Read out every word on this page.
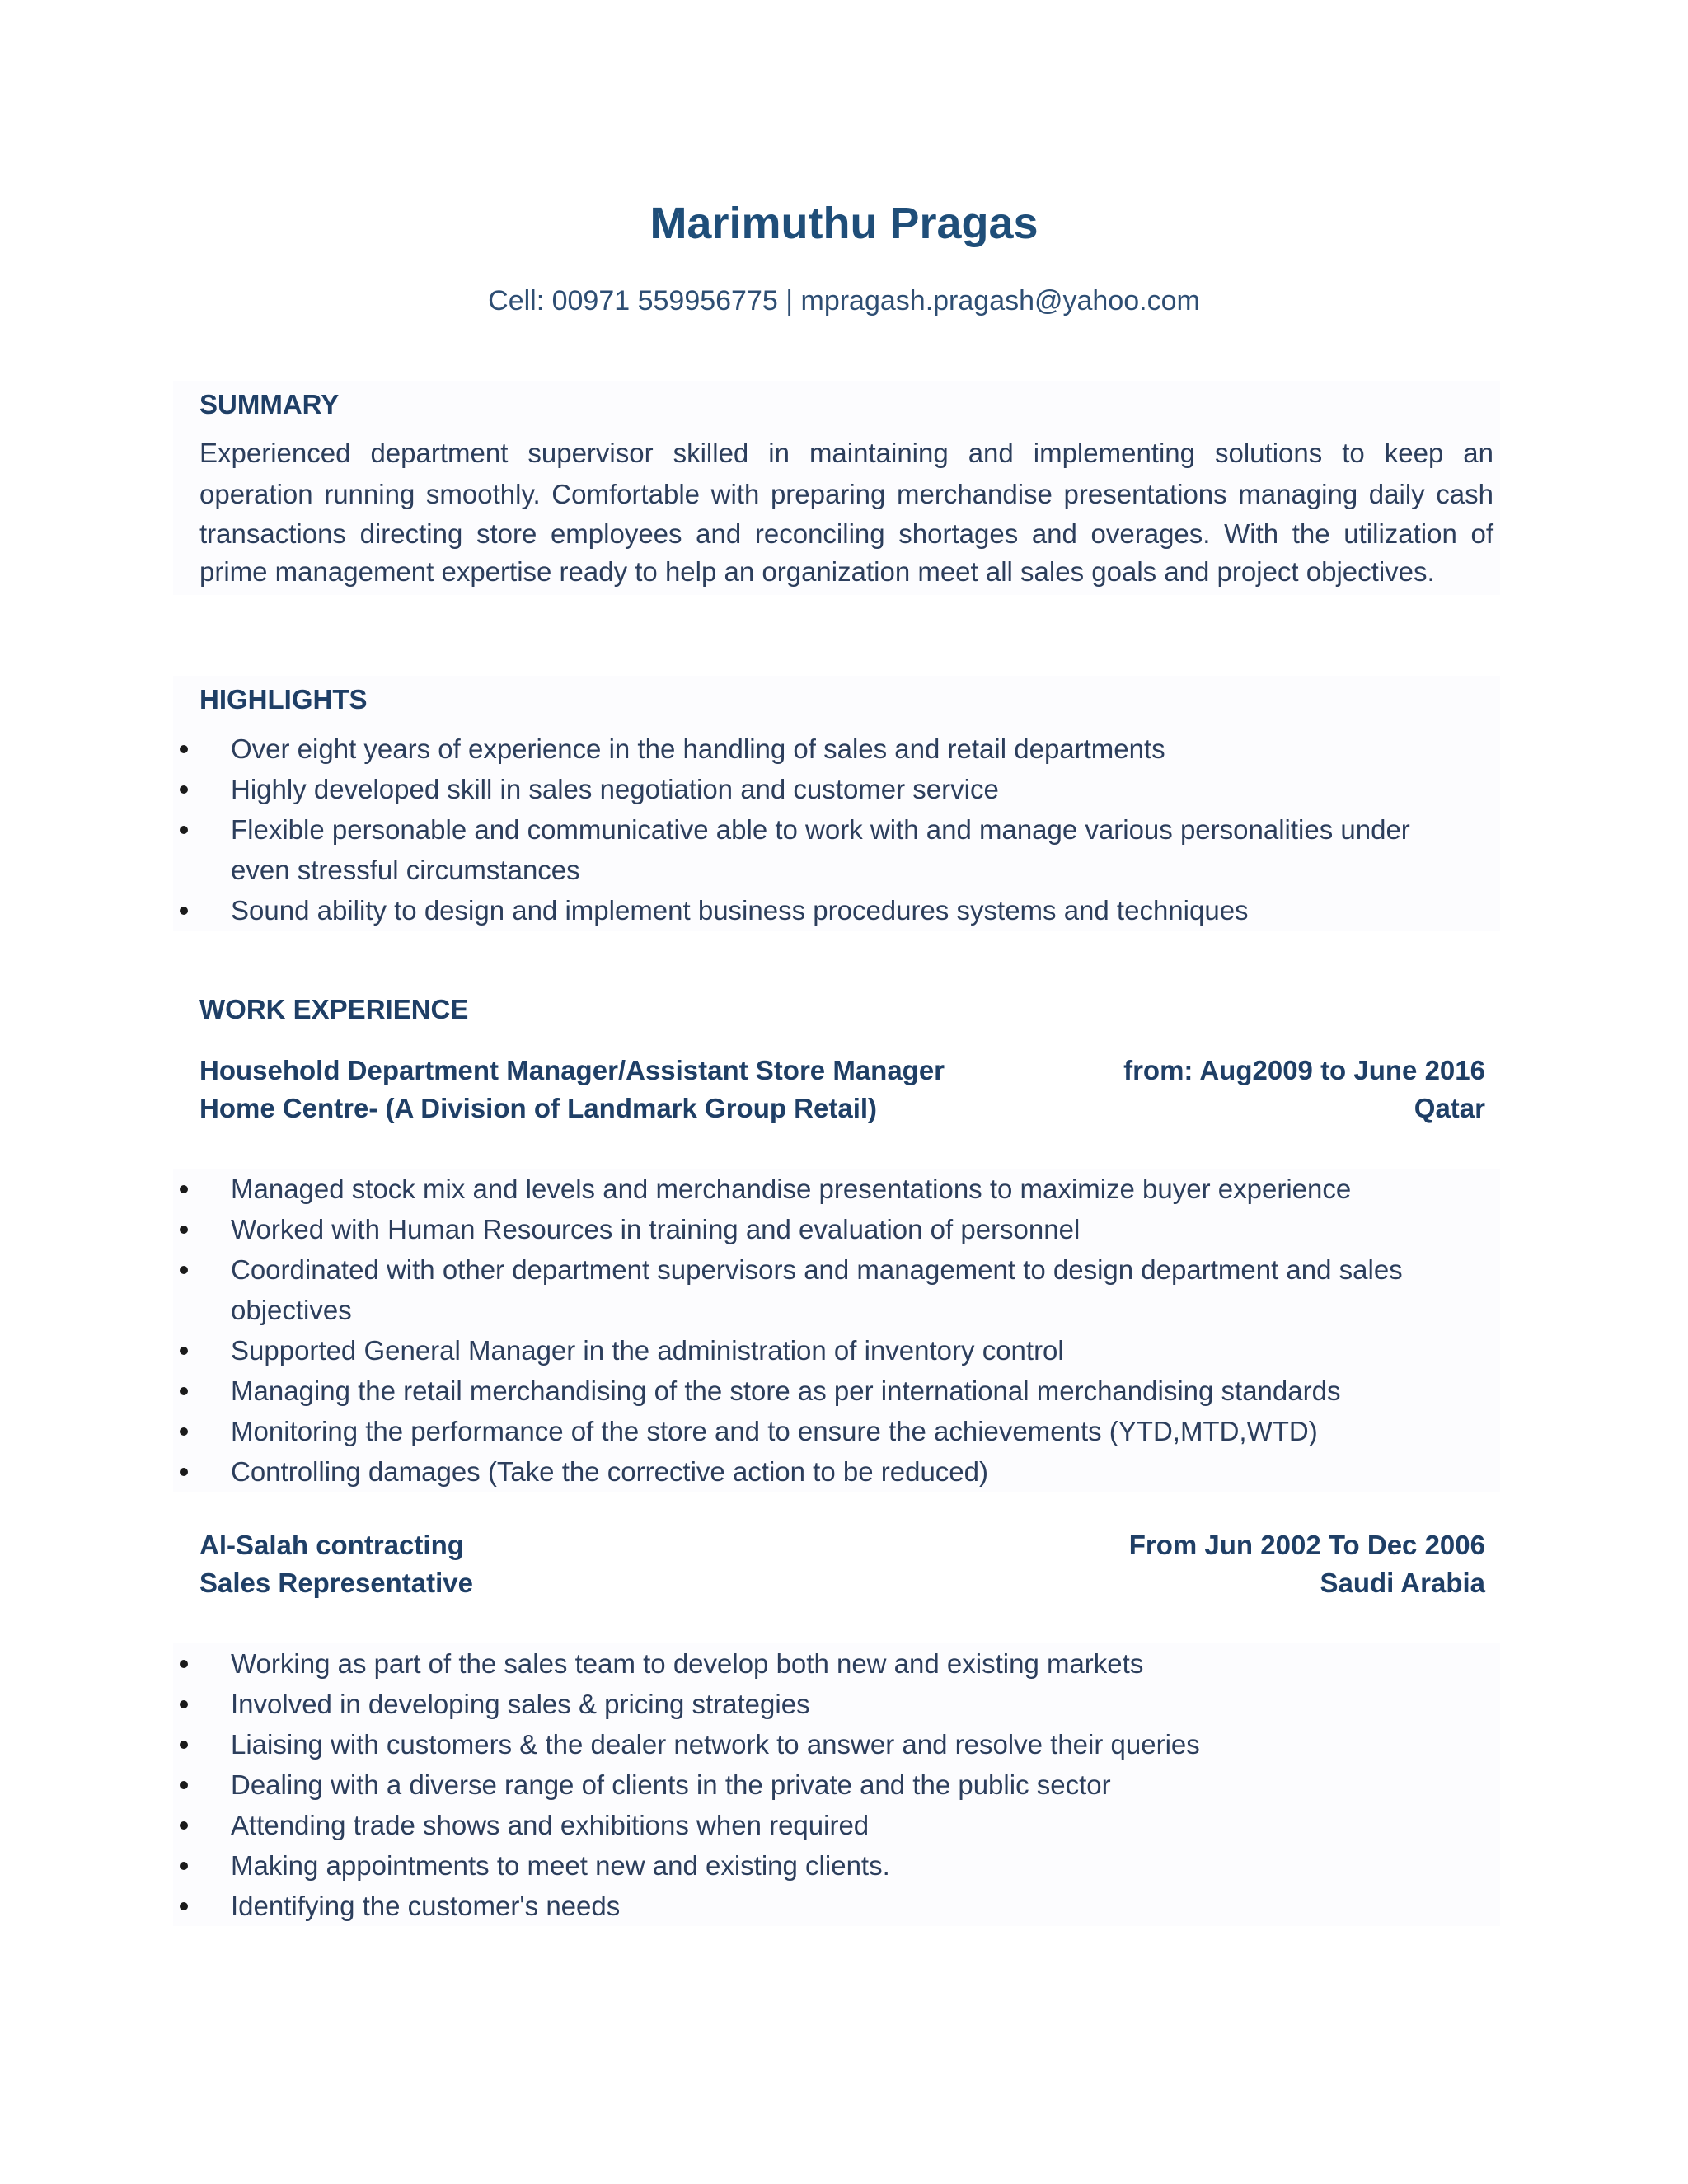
Marimuthu Pragas
Cell: 00971 559956775 | mpragash.pragash@yahoo.com
SUMMARY
Experienced department supervisor skilled in maintaining and implementing solutions to keep an
operation running smoothly. Comfortable with preparing merchandise presentations managing daily cash
transactions directing store employees and reconciling shortages and overages. With the utilization of
prime management expertise ready to help an organization meet all sales goals and project objectives.
HIGHLIGHTS
Over eight years of experience in the handling of sales and retail departments
Highly developed skill in sales negotiation and customer service
Flexible personable and communicative able to work with and manage various personalities under
even stressful circumstances
Sound ability to design and implement business procedures systems and techniques
WORK EXPERIENCE
Household Department Manager/Assistant Store Manager	from: Aug2009 to June 2016
Home Centre- (A Division of Landmark Group Retail)	Qatar
Managed stock mix and levels and merchandise presentations to maximize buyer experience
Worked with Human Resources in training and evaluation of personnel
Coordinated with other department supervisors and management to design department and sales
objectives
Supported General Manager in the administration of inventory control
Managing the retail merchandising of the store as per international merchandising standards
Monitoring the performance of the store and to ensure the achievements (YTD,MTD,WTD)
Controlling damages (Take the corrective action to be reduced)
Al-Salah contracting	From Jun 2002 To Dec 2006
Sales Representative	Saudi Arabia
Working as part of the sales team to develop both new and existing markets
Involved in developing sales & pricing strategies
Liaising with customers & the dealer network to answer and resolve their queries
Dealing with a diverse range of clients in the private and the public sector
Attending trade shows and exhibitions when required
Making appointments to meet new and existing clients.
Identifying the customer's needs
